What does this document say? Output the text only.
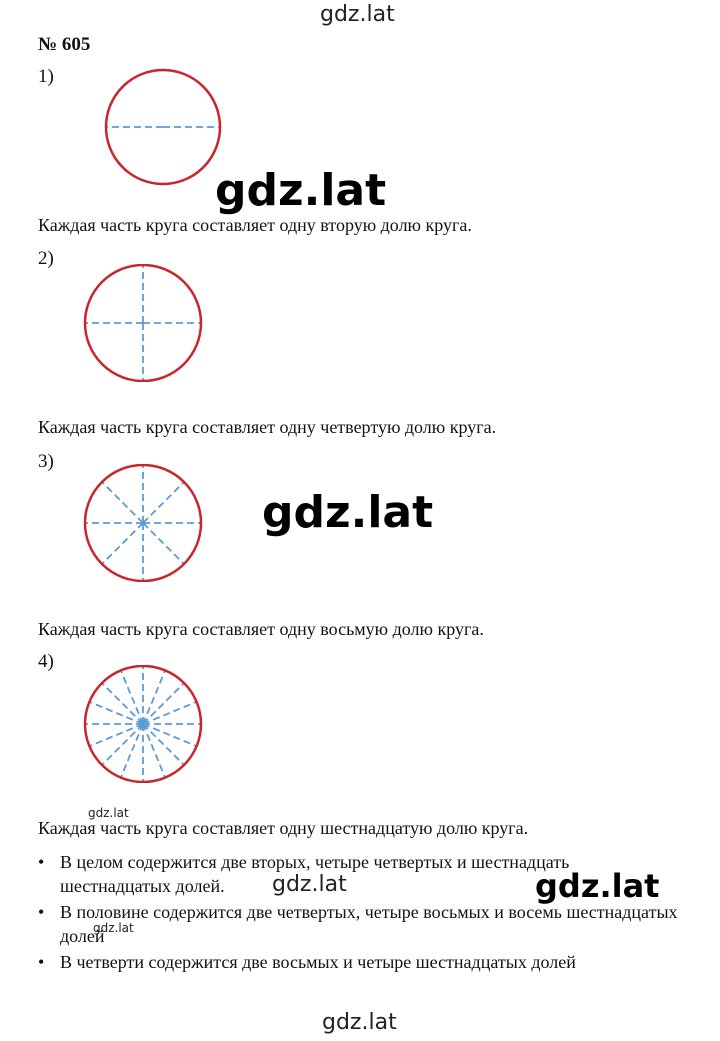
gdz.lat
gdz.lat
gdz.lat
gdz.lat
gdz.lat	gdz.lat
gdz.lat
gdz.lat
№ 605
1)
Каждая часть круга составляет одну вторую долю круга.
2)
Каждая часть круга составляет одну четвертую долю круга.
3)
Каждая часть круга составляет одну восьмую долю круга.
4)
Каждая часть круга составляет одну шестнадцатую долю круга.
• В целом содержится две вторых, четыре четвертых и шестнадцать шестнадцатых долей.
• В половине содержится две четвертых, четыре восьмых и восемь шестнадцатых долей
• В четверти содержится две восьмых и четыре шестнадцатых долей
